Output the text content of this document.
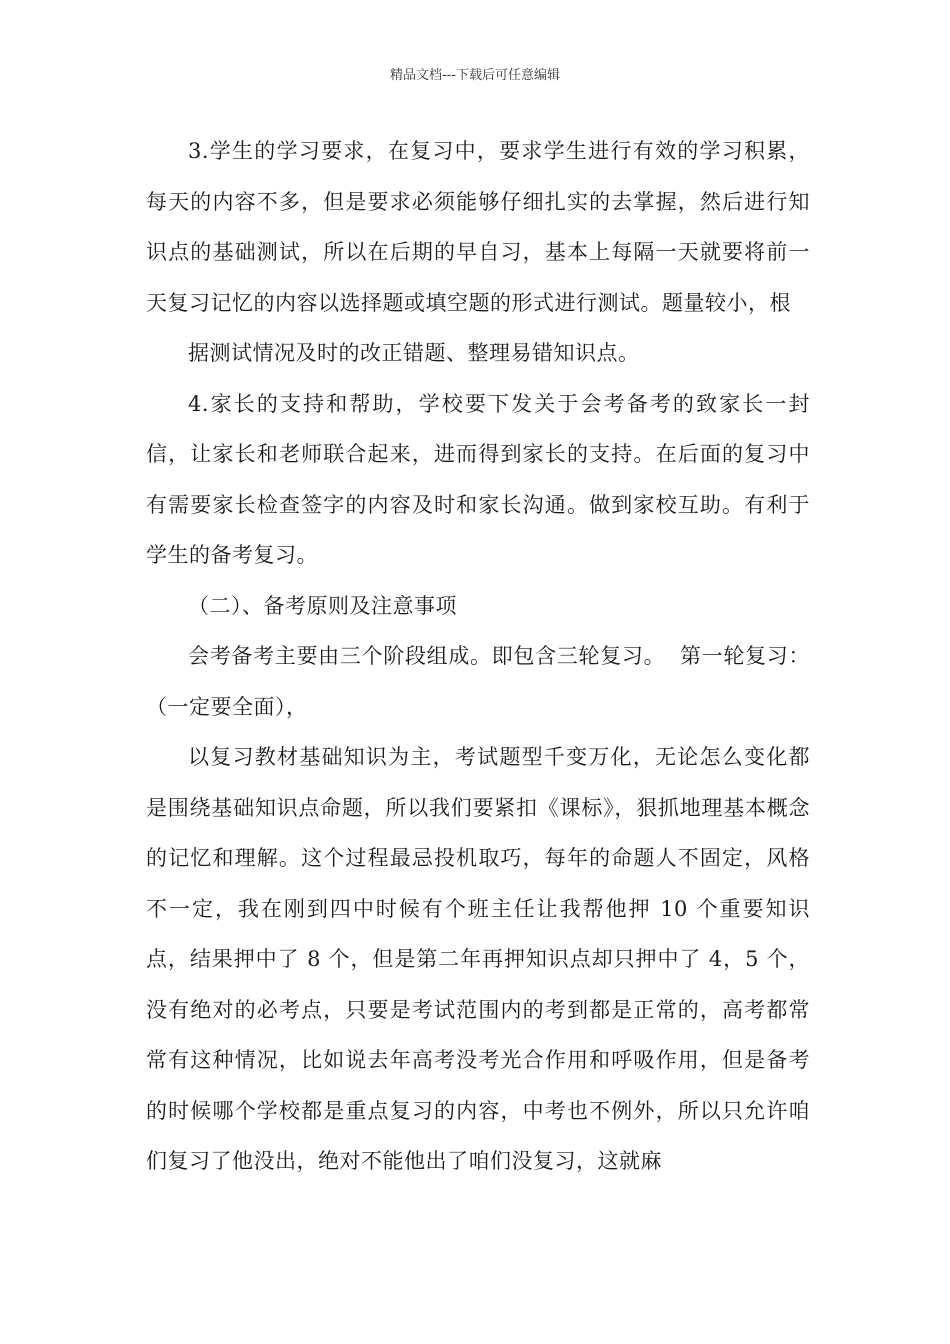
精品文档---下载后可任意编辑

3.学生的学习要求，在复习中，要求学生进行有效的学习积累，每天的内容不多，但是要求必须能够仔细扎实的去掌握，然后进行知识点的基础测试，所以在后期的早自习，基本上每隔一天就要将前一天复习记忆的内容以选择题或填空题的形式进行测试。题量较小，根

据测试情况及时的改正错题、整理易错知识点。

4.家长的支持和帮助，学校要下发关于会考备考的致家长一封信，让家长和老师联合起来，进而得到家长的支持。在后面的复习中有需要家长检查签字的内容及时和家长沟通。做到家校互助。有利于学生的备考复习。

（二）、备考原则及注意事项

会考备考主要由三个阶段组成。即包含三轮复习。  第一轮复习：（一定要全面），

以复习教材基础知识为主，考试题型千变万化，无论怎么变化都是围绕基础知识点命题，所以我们要紧扣《课标》，狠抓地理基本概念的记忆和理解。这个过程最忌投机取巧，每年的命题人不固定，风格不一定，我在刚到四中时候有个班主任让我帮他押 10 个重要知识点，结果押中了 8 个，但是第二年再押知识点却只押中了 4，5 个，没有绝对的必考点，只要是考试范围内的考到都是正常的，高考都常常有这种情况，比如说去年高考没考光合作用和呼吸作用，但是备考的时候哪个学校都是重点复习的内容，中考也不例外，所以只允许咱们复习了他没出，绝对不能他出了咱们没复习，这就麻
